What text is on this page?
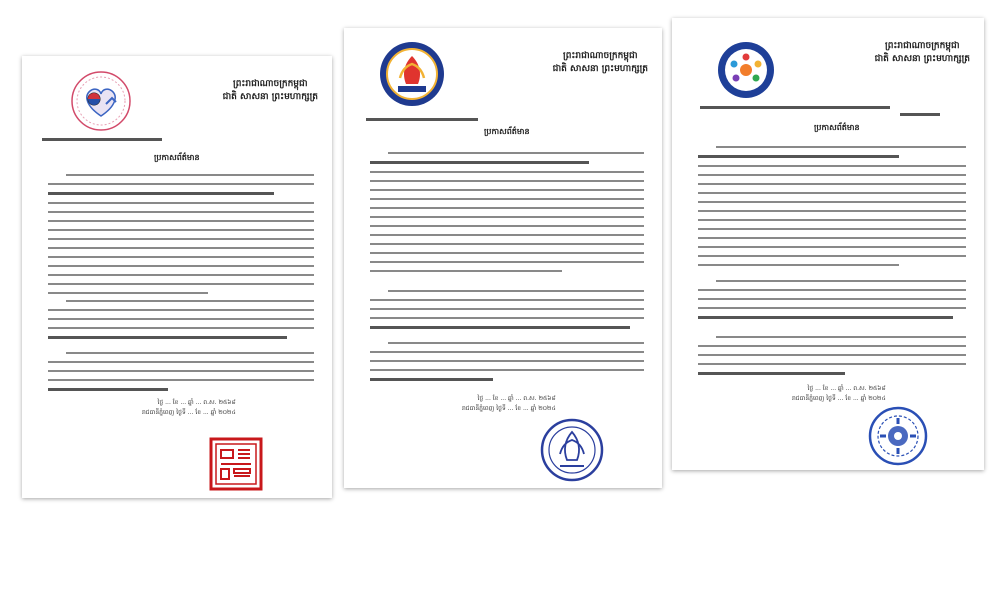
ព្រះរាជាណាចក្រកម្ពុជា
ជាតិ សាសនា ព្រះមហាក្សត្រ
ប្រកាសព័ត៌មាន
ថ្ងៃ ... ខែ ... ឆ្នាំ ... ព.ស. ២៥៦៨
រាជធានីភ្នំពេញ ថ្ងៃទី ... ខែ ... ឆ្នាំ ២០២៤
ព្រះរាជាណាចក្រកម្ពុជា
ជាតិ សាសនា ព្រះមហាក្សត្រ
ប្រកាសព័ត៌មាន
ថ្ងៃ ... ខែ ... ឆ្នាំ ... ព.ស. ២៥៦៨
រាជធានីភ្នំពេញ ថ្ងៃទី ... ខែ ... ឆ្នាំ ២០២៤
ព្រះរាជាណាចក្រកម្ពុជា
ជាតិ សាសនា ព្រះមហាក្សត្រ
ប្រកាសព័ត៌មាន
ថ្ងៃ ... ខែ ... ឆ្នាំ ... ព.ស. ២៥៦៨
រាជធានីភ្នំពេញ ថ្ងៃទី ... ខែ ... ឆ្នាំ ២០២៤
